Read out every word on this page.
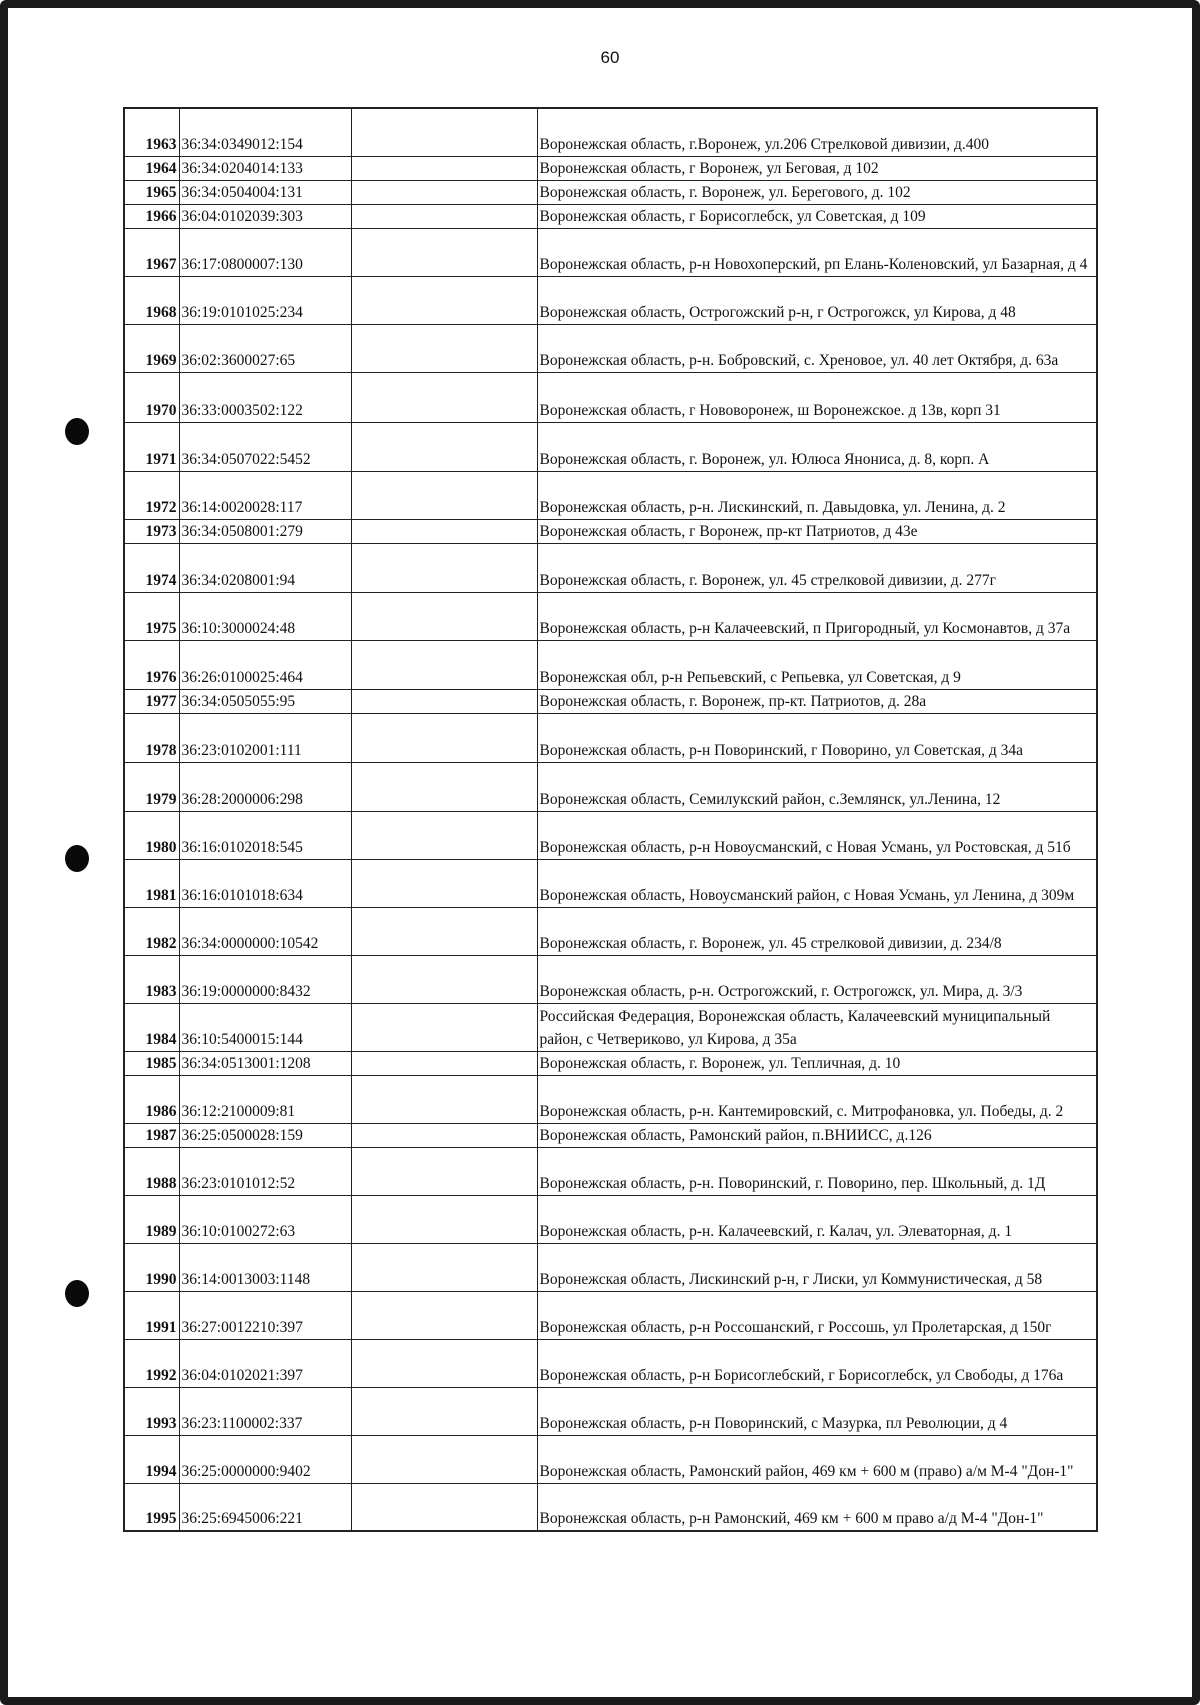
60
1963	36:34:0349012:154		Воронежская область, г.Воронеж, ул.206 Стрелковой дивизии, д.400
1964	36:34:0204014:133		Воронежская область, г Воронеж, ул Беговая, д 102
1965	36:34:0504004:131		Воронежская область, г. Воронеж, ул. Берегового, д. 102
1966	36:04:0102039:303		Воронежская область, г Борисоглебск, ул Советская, д 109
1967	36:17:0800007:130		Воронежская область, р-н Новохоперский, рп Елань-Коленовский, ул Базарная, д 4
1968	36:19:0101025:234		Воронежская область, Острогожский р-н, г Острогожск, ул Кирова, д 48
1969	36:02:3600027:65		Воронежская область, р-н. Бобровский, с. Хреновое, ул. 40 лет Октября, д. 63а
1970	36:33:0003502:122		Воронежская область, г Нововоронеж, ш Воронежское. д 13в, корп 31
1971	36:34:0507022:5452		Воронежская область, г. Воронеж, ул. Юлюса Янониса, д. 8, корп. А
1972	36:14:0020028:117		Воронежская область, р-н. Лискинский, п. Давыдовка, ул. Ленина, д. 2
1973	36:34:0508001:279		Воронежская область, г Воронеж, пр-кт Патриотов, д 43е
1974	36:34:0208001:94		Воронежская область, г. Воронеж, ул. 45 стрелковой дивизии, д. 277г
1975	36:10:3000024:48		Воронежская область, р-н Калачеевский, п Пригородный, ул Космонавтов, д 37а
1976	36:26:0100025:464		Воронежская обл, р-н Репьевский, с Репьевка, ул Советская, д 9
1977	36:34:0505055:95		Воронежская область, г. Воронеж, пр-кт. Патриотов, д. 28а
1978	36:23:0102001:111		Воронежская область, р-н Поворинский, г Поворино, ул Советская, д 34а
1979	36:28:2000006:298		Воронежская область, Семилукский район, с.Землянск, ул.Ленина, 12
1980	36:16:0102018:545		Воронежская область, р-н Новоусманский, с Новая Усмань, ул Ростовская, д 51б
1981	36:16:0101018:634		Воронежская область, Новоусманский район, с Новая Усмань, ул Ленина, д 309м
1982	36:34:0000000:10542		Воронежская область, г. Воронеж, ул. 45 стрелковой дивизии, д. 234/8
1983	36:19:0000000:8432		Воронежская область, р-н. Острогожский, г. Острогожск, ул. Мира, д. 3/3
1984	36:10:5400015:144		Российская Федерация, Воронежская область, Калачеевский муниципальный район, с Четвериково, ул Кирова, д 35а
1985	36:34:0513001:1208		Воронежская область, г. Воронеж, ул. Тепличная, д. 10
1986	36:12:2100009:81		Воронежская область, р-н. Кантемировский, с. Митрофановка, ул. Победы, д. 2
1987	36:25:0500028:159		Воронежская область, Рамонский район, п.ВНИИСС, д.126
1988	36:23:0101012:52		Воронежская область, р-н. Поворинский, г. Поворино, пер. Школьный, д. 1Д
1989	36:10:0100272:63		Воронежская область, р-н. Калачеевский, г. Калач, ул. Элеваторная, д. 1
1990	36:14:0013003:1148		Воронежская область, Лискинский р-н, г Лиски, ул Коммунистическая, д 58
1991	36:27:0012210:397		Воронежская область, р-н Россошанский, г Россошь, ул Пролетарская, д 150г
1992	36:04:0102021:397		Воронежская область, р-н Борисоглебский, г Борисоглебск, ул Свободы, д 176а
1993	36:23:1100002:337		Воронежская область, р-н Поворинский, с Мазурка, пл Революции, д 4
1994	36:25:0000000:9402		Воронежская область, Рамонский район, 469 км + 600 м (право) а/м М-4 "Дон-1"
1995	36:25:6945006:221		Воронежская область, р-н Рамонский, 469 км + 600 м право а/д М-4 "Дон-1"
